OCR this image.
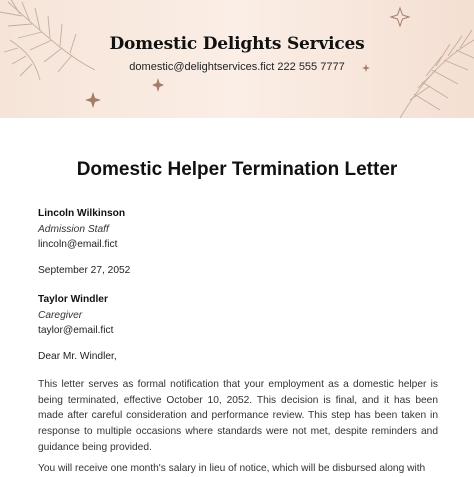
Domestic Delights Services
domestic@delightservices.fict 222 555 7777
Domestic Helper Termination Letter
Lincoln Wilkinson
Admission Staff
lincoln@email.fict
September 27, 2052
Taylor Windler
Caregiver
taylor@email.fict
Dear Mr. Windler,
This letter serves as formal notification that your employment as a domestic helper is being terminated, effective October 10, 2052. This decision is final, and it has been made after careful consideration and performance review. This step has been taken in response to multiple occasions where standards were not met, despite reminders and guidance being provided.
You will receive one month's salary in lieu of notice, which will be disbursed along with
